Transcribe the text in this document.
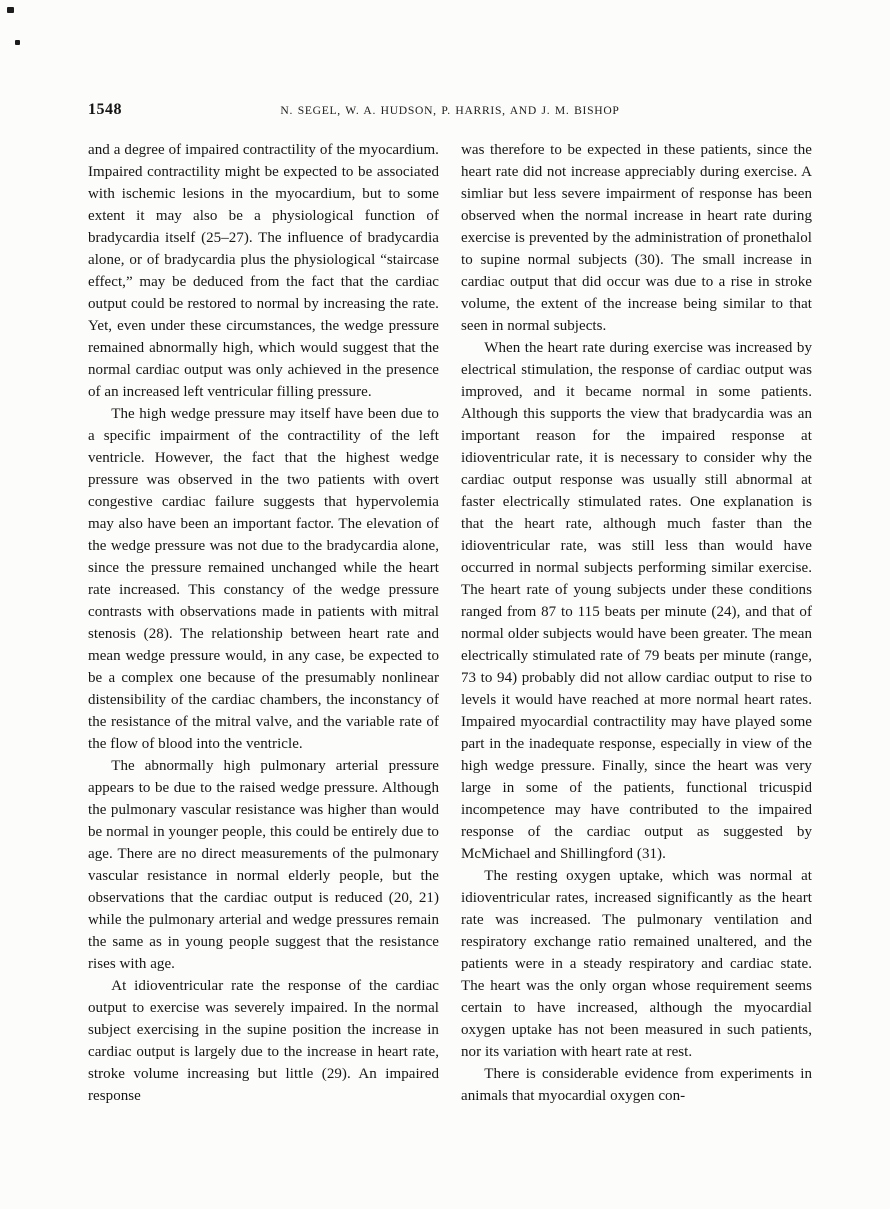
1548	N. SEGEL, W. A. HUDSON, P. HARRIS, AND J. M. BISHOP

and a degree of impaired contractility of the myocardium. Impaired contractility might be expected to be associated with ischemic lesions in the myocardium, but to some extent it may also be a physiological function of bradycardia itself (25–27). The influence of bradycardia alone, or of bradycardia plus the physiological “staircase effect,” may be deduced from the fact that the cardiac output could be restored to normal by increasing the rate. Yet, even under these circumstances, the wedge pressure remained abnormally high, which would suggest that the normal cardiac output was only achieved in the presence of an increased left ventricular filling pressure.

The high wedge pressure may itself have been due to a specific impairment of the contractility of the left ventricle. However, the fact that the highest wedge pressure was observed in the two patients with overt congestive cardiac failure suggests that hypervolemia may also have been an important factor. The elevation of the wedge pressure was not due to the bradycardia alone, since the pressure remained unchanged while the heart rate increased. This constancy of the wedge pressure contrasts with observations made in patients with mitral stenosis (28). The relationship between heart rate and mean wedge pressure would, in any case, be expected to be a complex one because of the presumably nonlinear distensibility of the cardiac chambers, the inconstancy of the resistance of the mitral valve, and the variable rate of the flow of blood into the ventricle.

The abnormally high pulmonary arterial pressure appears to be due to the raised wedge pressure. Although the pulmonary vascular resistance was higher than would be normal in younger people, this could be entirely due to age. There are no direct measurements of the pulmonary vascular resistance in normal elderly people, but the observations that the cardiac output is reduced (20, 21) while the pulmonary arterial and wedge pressures remain the same as in young people suggest that the resistance rises with age.

At idioventricular rate the response of the cardiac output to exercise was severely impaired. In the normal subject exercising in the supine position the increase in cardiac output is largely due to the increase in heart rate, stroke volume increasing but little (29). An impaired response

was therefore to be expected in these patients, since the heart rate did not increase appreciably during exercise. A simliar but less severe impairment of response has been observed when the normal increase in heart rate during exercise is prevented by the administration of pronethalol to supine normal subjects (30). The small increase in cardiac output that did occur was due to a rise in stroke volume, the extent of the increase being similar to that seen in normal subjects.

When the heart rate during exercise was increased by electrical stimulation, the response of cardiac output was improved, and it became normal in some patients. Although this supports the view that bradycardia was an important reason for the impaired response at idioventricular rate, it is necessary to consider why the cardiac output response was usually still abnormal at faster electrically stimulated rates. One explanation is that the heart rate, although much faster than the idioventricular rate, was still less than would have occurred in normal subjects performing similar exercise. The heart rate of young subjects under these conditions ranged from 87 to 115 beats per minute (24), and that of normal older subjects would have been greater. The mean electrically stimulated rate of 79 beats per minute (range, 73 to 94) probably did not allow cardiac output to rise to levels it would have reached at more normal heart rates. Impaired myocardial contractility may have played some part in the inadequate response, especially in view of the high wedge pressure. Finally, since the heart was very large in some of the patients, functional tricuspid incompetence may have contributed to the impaired response of the cardiac output as suggested by McMichael and Shillingford (31).

The resting oxygen uptake, which was normal at idioventricular rates, increased significantly as the heart rate was increased. The pulmonary ventilation and respiratory exchange ratio remained unaltered, and the patients were in a steady respiratory and cardiac state. The heart was the only organ whose requirement seems certain to have increased, although the myocardial oxygen uptake has not been measured in such patients, nor its variation with heart rate at rest.

There is considerable evidence from experiments in animals that myocardial oxygen con-
